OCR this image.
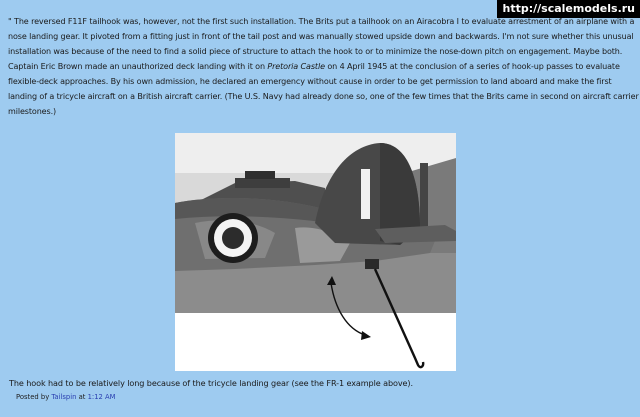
http://scalemodels.ru

" The reversed F11F tailhook was, however, not the first such installation. The Brits put a tailhook on an Airacobra I to evaluate arrestment of an airplane with a nose landing gear. It pivoted from a fitting just in front of the tail post and was manually stowed upside down and backwards. I'm not sure whether this unusual installation was because of the need to find a solid piece of structure to attach the hook to or to minimize the nose-down pitch on engagement. Maybe both. Captain Eric Brown made an unauthorized deck landing with it on Pretoria Castle on 4 April 1945 at the conclusion of a series of hook-up passes to evaluate flexible-deck approaches. By his own admission, he declared an emergency without cause in order to be get permission to land aboard and make the first landing of a tricycle aircraft on a British aircraft carrier. (The U.S. Navy had already done so, one of the few times that the Brits came in second on aircraft carrier milestones.)

The hook had to be relatively long because of the tricycle landing gear (see the FR-1 example above).
Posted by Tailspin at 1:12 AM
